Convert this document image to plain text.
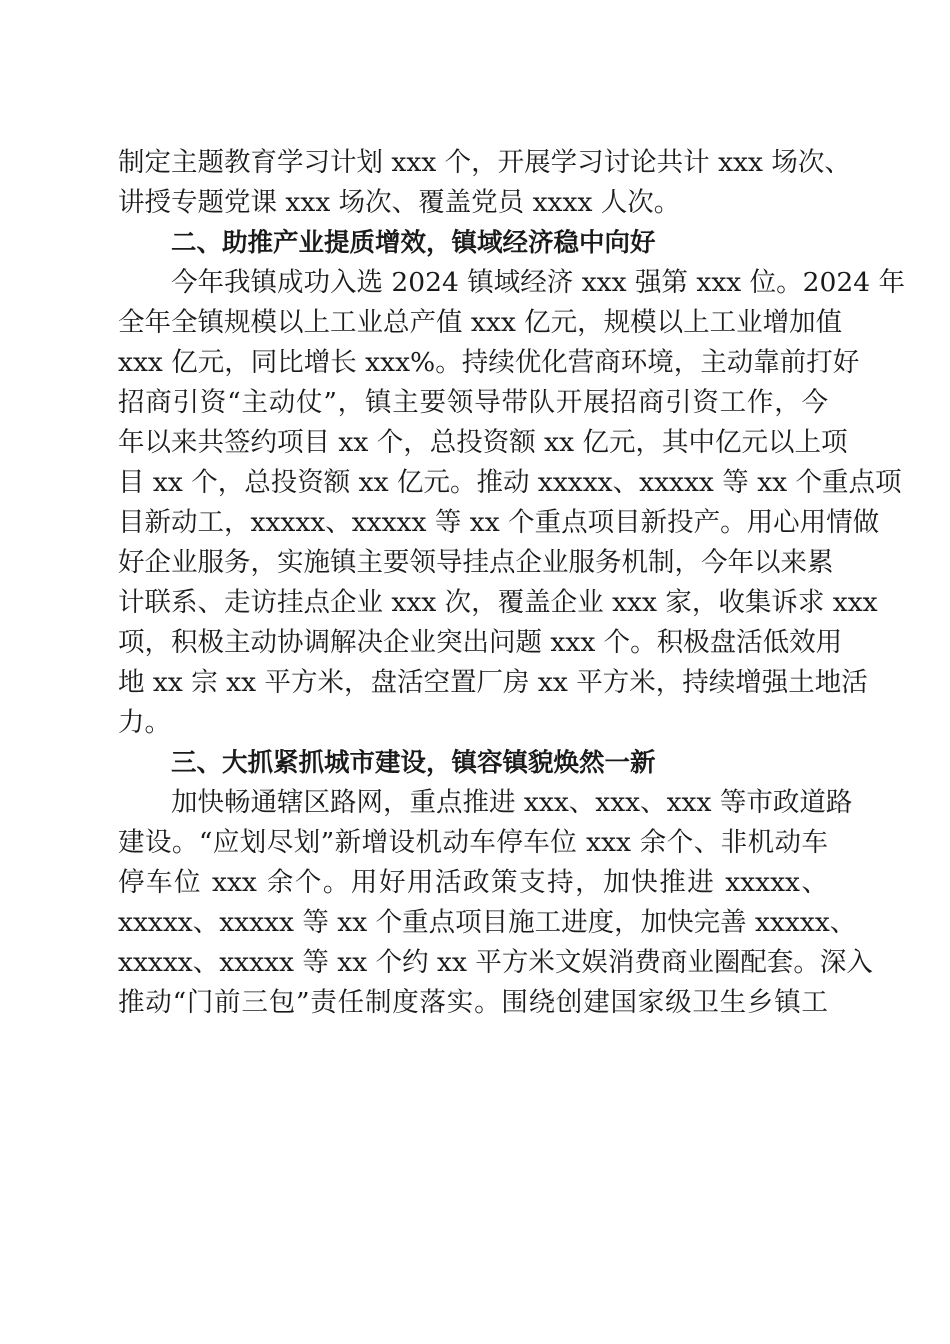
制定主题教育学习计划 xxx 个，开展学习讨论共计 xxx 场次、
讲授专题党课 xxx 场次、覆盖党员 xxxx 人次。
二、助推产业提质增效，镇域经济稳中向好
今年我镇成功入选 2024 镇域经济 xxx 强第 xxx 位。2024 年
全年全镇规模以上工业总产值 xxx 亿元，规模以上工业增加值
xxx 亿元，同比增长 xxx%。持续优化营商环境，主动靠前打好
招商引资“主动仗”，镇主要领导带队开展招商引资工作，今
年以来共签约项目 xx 个，总投资额 xx 亿元，其中亿元以上项
目 xx 个，总投资额 xx 亿元。推动 xxxxx、xxxxx 等 xx 个重点项
目新动工，xxxxx、xxxxx 等 xx 个重点项目新投产。用心用情做
好企业服务，实施镇主要领导挂点企业服务机制，今年以来累
计联系、走访挂点企业 xxx 次，覆盖企业 xxx 家，收集诉求 xxx
项，积极主动协调解决企业突出问题 xxx 个。积极盘活低效用
地 xx 宗 xx 平方米，盘活空置厂房 xx 平方米，持续增强土地活
力。
三、大抓紧抓城市建设，镇容镇貌焕然一新
加快畅通辖区路网，重点推进 xxx、xxx、xxx 等市政道路
建设。“应划尽划”新增设机动车停车位 xxx 余个、非机动车
停车位 xxx 余个。用好用活政策支持，加快推进 xxxxx、
xxxxx、xxxxx 等 xx 个重点项目施工进度，加快完善 xxxxx、
xxxxx、xxxxx 等 xx 个约 xx 平方米文娱消费商业圈配套。深入
推动“门前三包”责任制度落实。围绕创建国家级卫生乡镇工
